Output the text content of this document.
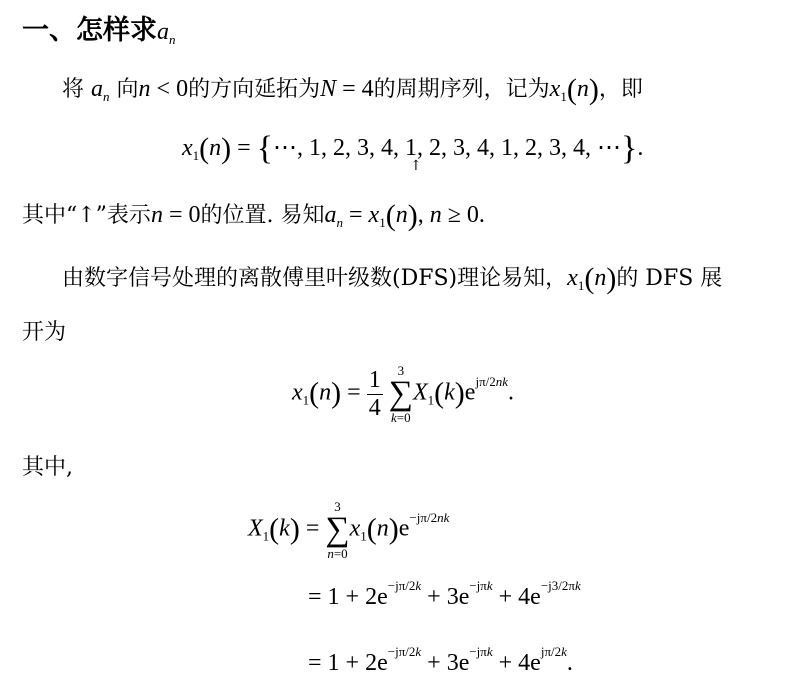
一、怎样求$a_n$
将 $a_n$ 向n < 0的方向延拓为N = 4的周期序列，记为$x_1(n)$，即
$x_1(n)$ = {⋯, 1, 2, 3, 4, 1, 2, 3, 4, 1, 2, 3, 4, ⋯}.
↑
其中“↑”表示n = 0的位置. 易知$a_n = x_1(n)$, n ≥ 0.
由数字信号处理的离散傅里叶级数(DFS)理论易知，$x_1(n)$的 DFS 展
开为
$x_1(n) = \frac{1}{4}$
	3
∑
k=0
$X_1(k)e^{j\pi/2nk}$.
其中,
$X_1(k)$ =
3
∑
n=0
$x_1(n)e^{-j\pi/2nk}$
= $1 + 2e^{-j\pi/2k} + 3e^{-j\pi k} + 4e^{-j3/2\pi k}$
= $1 + 2e^{-j\pi/2k} + 3e^{-j\pi k} + 4e^{j\pi/2k}$.
